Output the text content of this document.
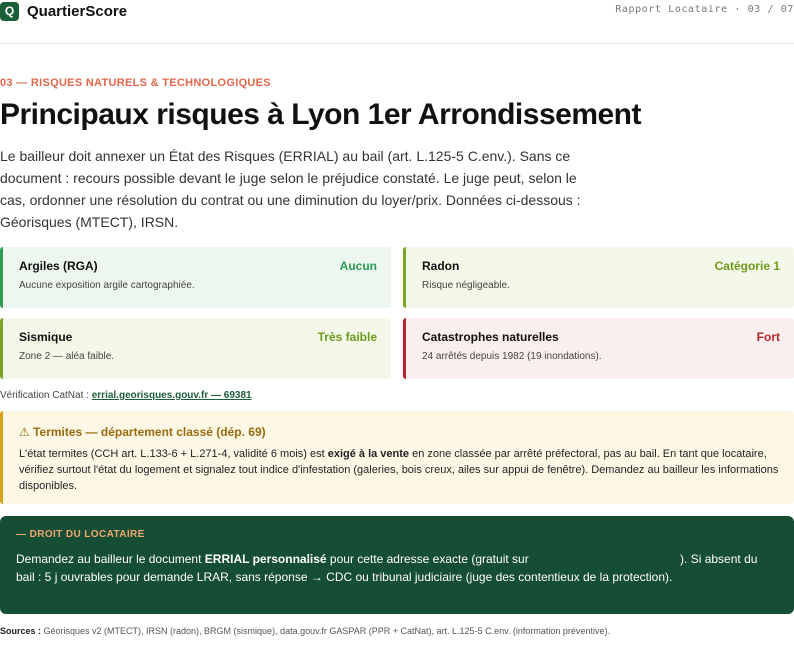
Q QuartierScore	Rapport Locataire · 03 / 07
03 — RISQUES NATURELS & TECHNOLOGIQUES
Principaux risques à Lyon 1er Arrondissement

Le bailleur doit annexer un État des Risques (ERRIAL) au bail (art. L.125-5 C.env.). Sans ce document : recours possible devant le juge selon le préjudice constaté. Le juge peut, selon le cas, ordonner une résolution du contrat ou une diminution du loyer/prix. Données ci-dessous : Géorisques (MTECT), IRSN.

Argiles (RGA)	Aucun
Aucune exposition argile cartographiée.
Radon	Catégorie 1
Risque négligeable.
Sismique	Très faible
Zone 2 — aléa faible.
Catastrophes naturelles	Fort
24 arrêtés depuis 1982 (19 inondations).
Vérification CatNat : errial.georisques.gouv.fr — 69381
⚠ Termites — département classé (dép. 69)
L'état termites (CCH art. L.133-6 + L.271-4, validité 6 mois) est exigé à la vente en zone classée par arrêté préfectoral, pas au bail. En tant que locataire, vérifiez surtout l'état du logement et signalez tout indice d'infestation (galeries, bois creux, ailes sur appui de fenêtre). Demandez au bailleur les informations disponibles.
— DROIT DU LOCATAIRE
Demandez au bailleur le document ERRIAL personnalisé pour cette adresse exacte (gratuit sur	). Si absent du bail : 5 j ouvrables pour demande LRAR, sans réponse → CDC ou tribunal judiciaire (juge des contentieux de la protection).
Sources : Géorisques v2 (MTECT), IRSN (radon), BRGM (sismique), data.gouv.fr GASPAR (PPR + CatNat), art. L.125-5 C.env. (information préventive).
